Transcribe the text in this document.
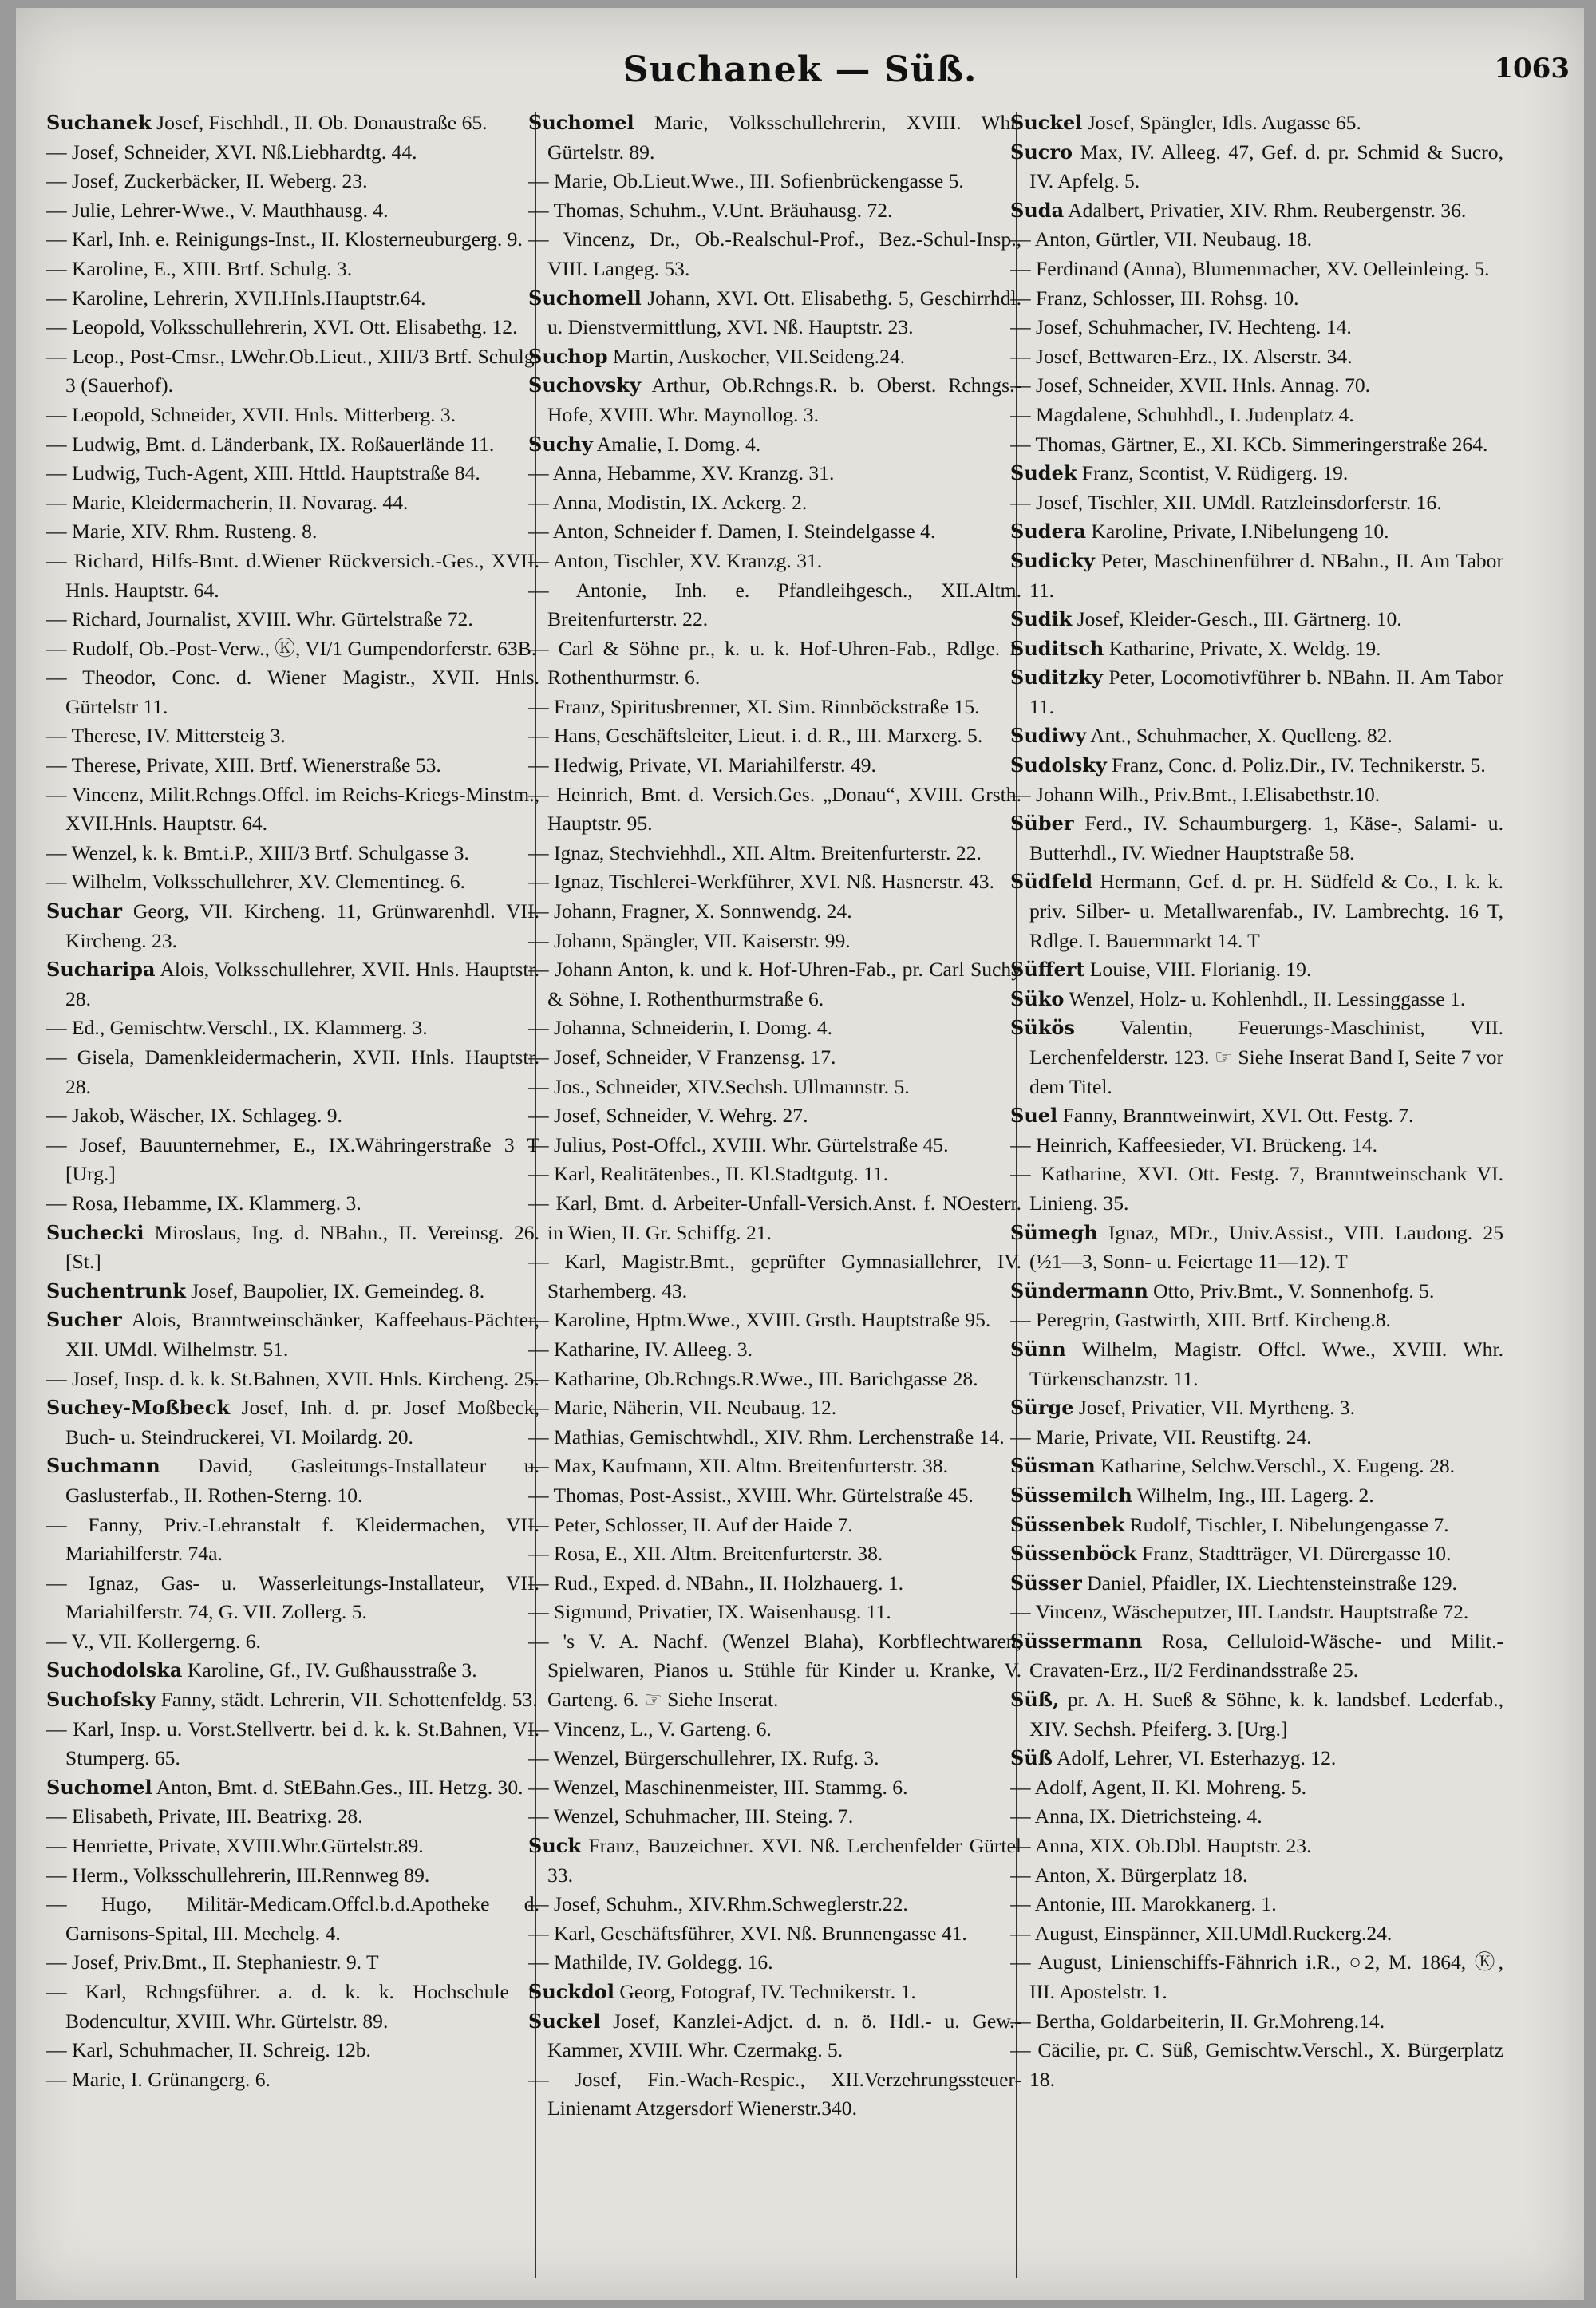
Suchanek — Süß.	1063
Suchanek Josef, Fischhdl., II. Ob. Donaustraße 65.
— Josef, Schneider, XVI. Nß.Liebhardtg. 44.
— Josef, Zuckerbäcker, II. Weberg. 23.
— Julie, Lehrer-Wwe., V. Mauthhausg. 4.
— Karl, Inh. e. Reinigungs-Inst., II. Klosterneuburgerg. 9.
— Karoline, E., XIII. Brtf. Schulg. 3.
— Karoline, Lehrerin, XVII.Hnls.Hauptstr.64.
— Leopold, Volksschullehrerin, XVI. Ott. Elisabethg. 12.
— Leop., Post-Cmsr., LWehr.Ob.Lieut., XIII/3 Brtf. Schulg. 3 (Sauerhof).
— Leopold, Schneider, XVII. Hnls. Mitterberg. 3.
— Ludwig, Bmt. d. Länderbank, IX. Roßauerlände 11.
— Ludwig, Tuch-Agent, XIII. Httld. Hauptstraße 84.
— Marie, Kleidermacherin, II. Novarag. 44.
— Marie, XIV. Rhm. Rusteng. 8.
— Richard, Hilfs-Bmt. d.Wiener Rückversich.-Ges., XVII. Hnls. Hauptstr. 64.
— Richard, Journalist, XVIII. Whr. Gürtelstraße 72.
— Rudolf, Ob.-Post-Verw., Ⓚ, VI/1 Gumpendorferstr. 63B.
— Theodor, Conc. d. Wiener Magistr., XVII. Hnls. Gürtelstr 11.
— Therese, IV. Mittersteig 3.
— Therese, Private, XIII. Brtf. Wienerstraße 53.
— Vincenz, Milit.Rchngs.Offcl. im Reichs-Kriegs-Minstm., XVII.Hnls. Hauptstr. 64.
— Wenzel, k. k. Bmt.i.P., XIII/3 Brtf. Schulgasse 3.
— Wilhelm, Volksschullehrer, XV. Clementineg. 6.
Suchar Georg, VII. Kircheng. 11, Grünwarenhdl. VII. Kircheng. 23.
Sucharipa Alois, Volksschullehrer, XVII. Hnls. Hauptstr. 28.
— Ed., Gemischtw.Verschl., IX. Klammerg. 3.
— Gisela, Damenkleidermacherin, XVII. Hnls. Hauptstr. 28.
— Jakob, Wäscher, IX. Schlageg. 9.
— Josef, Bauunternehmer, E., IX.Währingerstraße 3 T [Urg.]
— Rosa, Hebamme, IX. Klammerg. 3.
Suchecki Miroslaus, Ing. d. NBahn., II. Vereinsg. 26. [St.]
Suchentrunk Josef, Baupolier, IX. Gemeindeg. 8.
Sucher Alois, Branntweinschänker, Kaffeehaus-Pächter, XII. UMdl. Wilhelmstr. 51.
— Josef, Insp. d. k. k. St.Bahnen, XVII. Hnls. Kircheng. 25.
Suchey-Moßbeck Josef, Inh. d. pr. Josef Moßbeck, Buch- u. Steindruckerei, VI. Moilardg. 20.
Suchmann David, Gasleitungs-Installateur u. Gaslusterfab., II. Rothen-Sterng. 10.
— Fanny, Priv.-Lehranstalt f. Kleidermachen, VII. Mariahilferstr. 74a.
— Ignaz, Gas- u. Wasserleitungs-Installateur, VII. Mariahilferstr. 74, G. VII. Zollerg. 5.
— V., VII. Kollergerng. 6.
Suchodolska Karoline, Gf., IV. Gußhausstraße 3.
Suchofsky Fanny, städt. Lehrerin, VII. Schottenfeldg. 53.
— Karl, Insp. u. Vorst.Stellvertr. bei d. k. k. St.Bahnen, VI. Stumperg. 65.
Suchomel Anton, Bmt. d. StEBahn.Ges., III. Hetzg. 30.
— Elisabeth, Private, III. Beatrixg. 28.
— Henriette, Private, XVIII.Whr.Gürtelstr.89.
— Herm., Volksschullehrerin, III.Rennweg 89.
— Hugo, Militär-Medicam.Offcl.b.d.Apotheke d. Garnisons-Spital, III. Mechelg. 4.
— Josef, Priv.Bmt., II. Stephaniestr. 9. T
— Karl, Rchngsführer. a. d. k. k. Hochschule f. Bodencultur, XVIII. Whr. Gürtelstr. 89.
— Karl, Schuhmacher, II. Schreig. 12b.
— Marie, I. Grünangerg. 6.
Suchomel Marie, Volksschullehrerin, XVIII. Whr. Gürtelstr. 89.
— Marie, Ob.Lieut.Wwe., III. Sofienbrückengasse 5.
— Thomas, Schuhm., V.Unt. Bräuhausg. 72.
— Vincenz, Dr., Ob.-Realschul-Prof., Bez.-Schul-Insp., VIII. Langeg. 53.
Suchomell Johann, XVI. Ott. Elisabethg. 5, Geschirrhdl. u. Dienstvermittlung, XVI. Nß. Hauptstr. 23.
Suchop Martin, Auskocher, VII.Seideng.24.
Suchovsky Arthur, Ob.Rchngs.R. b. Oberst. Rchngs.-Hofe, XVIII. Whr. Maynollog. 3.
Suchy Amalie, I. Domg. 4.
— Anna, Hebamme, XV. Kranzg. 31.
— Anna, Modistin, IX. Ackerg. 2.
— Anton, Schneider f. Damen, I. Steindelgasse 4.
— Anton, Tischler, XV. Kranzg. 31.
— Antonie, Inh. e. Pfandleihgesch., XII.Altm. Breitenfurterstr. 22.
— Carl & Söhne pr., k. u. k. Hof-Uhren-Fab., Rdlge. I. Rothenthurmstr. 6.
— Franz, Spiritusbrenner, XI. Sim. Rinnböckstraße 15.
— Hans, Geschäftsleiter, Lieut. i. d. R., III. Marxerg. 5.
— Hedwig, Private, VI. Mariahilferstr. 49.
— Heinrich, Bmt. d. Versich.Ges. „Donau“, XVIII. Grsth. Hauptstr. 95.
— Ignaz, Stechviehhdl., XII. Altm. Breitenfurterstr. 22.
— Ignaz, Tischlerei-Werkführer, XVI. Nß. Hasnerstr. 43.
— Johann, Fragner, X. Sonnwendg. 24.
— Johann, Spängler, VII. Kaiserstr. 99.
— Johann Anton, k. und k. Hof-Uhren-Fab., pr. Carl Suchy & Söhne, I. Rothenthurmstraße 6.
— Johanna, Schneiderin, I. Domg. 4.
— Josef, Schneider, V Franzensg. 17.
— Jos., Schneider, XIV.Sechsh. Ullmannstr. 5.
— Josef, Schneider, V. Wehrg. 27.
— Julius, Post-Offcl., XVIII. Whr. Gürtelstraße 45.
— Karl, Realitätenbes., II. Kl.Stadtgutg. 11.
— Karl, Bmt. d. Arbeiter-Unfall-Versich.Anst. f. NOesterr. in Wien, II. Gr. Schiffg. 21.
— Karl, Magistr.Bmt., geprüfter Gymnasiallehrer, IV. Starhemberg. 43.
— Karoline, Hptm.Wwe., XVIII. Grsth. Hauptstraße 95.
— Katharine, IV. Alleeg. 3.
— Katharine, Ob.Rchngs.R.Wwe., III. Barichgasse 28.
— Marie, Näherin, VII. Neubaug. 12.
— Mathias, Gemischtwhdl., XIV. Rhm. Lerchenstraße 14.
— Max, Kaufmann, XII. Altm. Breitenfurterstr. 38.
— Thomas, Post-Assist., XVIII. Whr. Gürtelstraße 45.
— Peter, Schlosser, II. Auf der Haide 7.
— Rosa, E., XII. Altm. Breitenfurterstr. 38.
— Rud., Exped. d. NBahn., II. Holzhauerg. 1.
— Sigmund, Privatier, IX. Waisenhausg. 11.
— 's V. A. Nachf. (Wenzel Blaha), Korbflechtwaren, Spielwaren, Pianos u. Stühle für Kinder u. Kranke, V. Garteng. 6. ☞ Siehe Inserat.
— Vincenz, L., V. Garteng. 6.
— Wenzel, Bürgerschullehrer, IX. Rufg. 3.
— Wenzel, Maschinenmeister, III. Stammg. 6.
— Wenzel, Schuhmacher, III. Steing. 7.
Suck Franz, Bauzeichner. XVI. Nß. Lerchenfelder Gürtel 33.
— Josef, Schuhm., XIV.Rhm.Schweglerstr.22.
— Karl, Geschäftsführer, XVI. Nß. Brunnengasse 41.
— Mathilde, IV. Goldegg. 16.
Suckdol Georg, Fotograf, IV. Technikerstr. 1.
Suckel Josef, Kanzlei-Adjct. d. n. ö. Hdl.- u. Gew.-Kammer, XVIII. Whr. Czermakg. 5.
— Josef, Fin.-Wach-Respic., XII.Verzehrungssteuer-Linienamt Atzgersdorf Wienerstr.340.
Suckel Josef, Spängler, Idls. Augasse 65.
Sucro Max, IV. Alleeg. 47, Gef. d. pr. Schmid & Sucro, IV. Apfelg. 5.
Suda Adalbert, Privatier, XIV. Rhm. Reubergenstr. 36.
— Anton, Gürtler, VII. Neubaug. 18.
— Ferdinand (Anna), Blumenmacher, XV. Oelleinleing. 5.
— Franz, Schlosser, III. Rohsg. 10.
— Josef, Schuhmacher, IV. Hechteng. 14.
— Josef, Bettwaren-Erz., IX. Alserstr. 34.
— Josef, Schneider, XVII. Hnls. Annag. 70.
— Magdalene, Schuhhdl., I. Judenplatz 4.
— Thomas, Gärtner, E., XI. KCb. Simmeringerstraße 264.
Sudek Franz, Scontist, V. Rüdigerg. 19.
— Josef, Tischler, XII. UMdl. Ratzleinsdorferstr. 16.
Sudera Karoline, Private, I.Nibelungeng 10.
Sudicky Peter, Maschinenführer d. NBahn., II. Am Tabor 11.
Sudik Josef, Kleider-Gesch., III. Gärtnerg. 10.
Suditsch Katharine, Private, X. Weldg. 19.
Suditzky Peter, Locomotivführer b. NBahn. II. Am Tabor 11.
Sudiwy Ant., Schuhmacher, X. Quelleng. 82.
Sudolsky Franz, Conc. d. Poliz.Dir., IV. Technikerstr. 5.
— Johann Wilh., Priv.Bmt., I.Elisabethstr.10.
Süber Ferd., IV. Schaumburgerg. 1, Käse-, Salami- u. Butterhdl., IV. Wiedner Hauptstraße 58.
Südfeld Hermann, Gef. d. pr. H. Südfeld & Co., I. k. k. priv. Silber- u. Metallwarenfab., IV. Lambrechtg. 16 T, Rdlge. I. Bauernmarkt 14. T
Süffert Louise, VIII. Florianig. 19.
Süko Wenzel, Holz- u. Kohlenhdl., II. Lessinggasse 1.
Sükös Valentin, Feuerungs-Maschinist, VII. Lerchenfelderstr. 123. ☞ Siehe Inserat Band I, Seite 7 vor dem Titel.
Suel Fanny, Branntweinwirt, XVI. Ott. Festg. 7.
— Heinrich, Kaffeesieder, VI. Brückeng. 14.
— Katharine, XVI. Ott. Festg. 7, Branntweinschank VI. Linieng. 35.
Sümegh Ignaz, MDr., Univ.Assist., VIII. Laudong. 25 (½1—3, Sonn- u. Feiertage 11—12). T
Sündermann Otto, Priv.Bmt., V. Sonnenhofg. 5.
— Peregrin, Gastwirth, XIII. Brtf. Kircheng.8.
Sünn Wilhelm, Magistr. Offcl. Wwe., XVIII. Whr. Türkenschanzstr. 11.
Sürge Josef, Privatier, VII. Myrtheng. 3.
— Marie, Private, VII. Reustiftg. 24.
Süsman Katharine, Selchw.Verschl., X. Eugeng. 28.
Süssemilch Wilhelm, Ing., III. Lagerg. 2.
Süssenbek Rudolf, Tischler, I. Nibelungengasse 7.
Süssenböck Franz, Stadtträger, VI. Dürergasse 10.
Süsser Daniel, Pfaidler, IX. Liechtensteinstraße 129.
— Vincenz, Wäscheputzer, III. Landstr. Hauptstraße 72.
Süssermann Rosa, Celluloid-Wäsche- und Milit.-Cravaten-Erz., II/2 Ferdinandsstraße 25.
Süß, pr. A. H. Sueß & Söhne, k. k. landsbef. Lederfab., XIV. Sechsh. Pfeiferg. 3. [Urg.]
Süß Adolf, Lehrer, VI. Esterhazyg. 12.
— Adolf, Agent, II. Kl. Mohreng. 5.
— Anna, IX. Dietrichsteing. 4.
— Anna, XIX. Ob.Dbl. Hauptstr. 23.
— Anton, X. Bürgerplatz 18.
— Antonie, III. Marokkanerg. 1.
— August, Einspänner, XII.UMdl.Ruckerg.24.
— August, Linienschiffs-Fähnrich i.R., ○2, M. 1864, Ⓚ, III. Apostelstr. 1.
— Bertha, Goldarbeiterin, II. Gr.Mohreng.14.
— Cäcilie, pr. C. Süß, Gemischtw.Verschl., X. Bürgerplatz 18.
